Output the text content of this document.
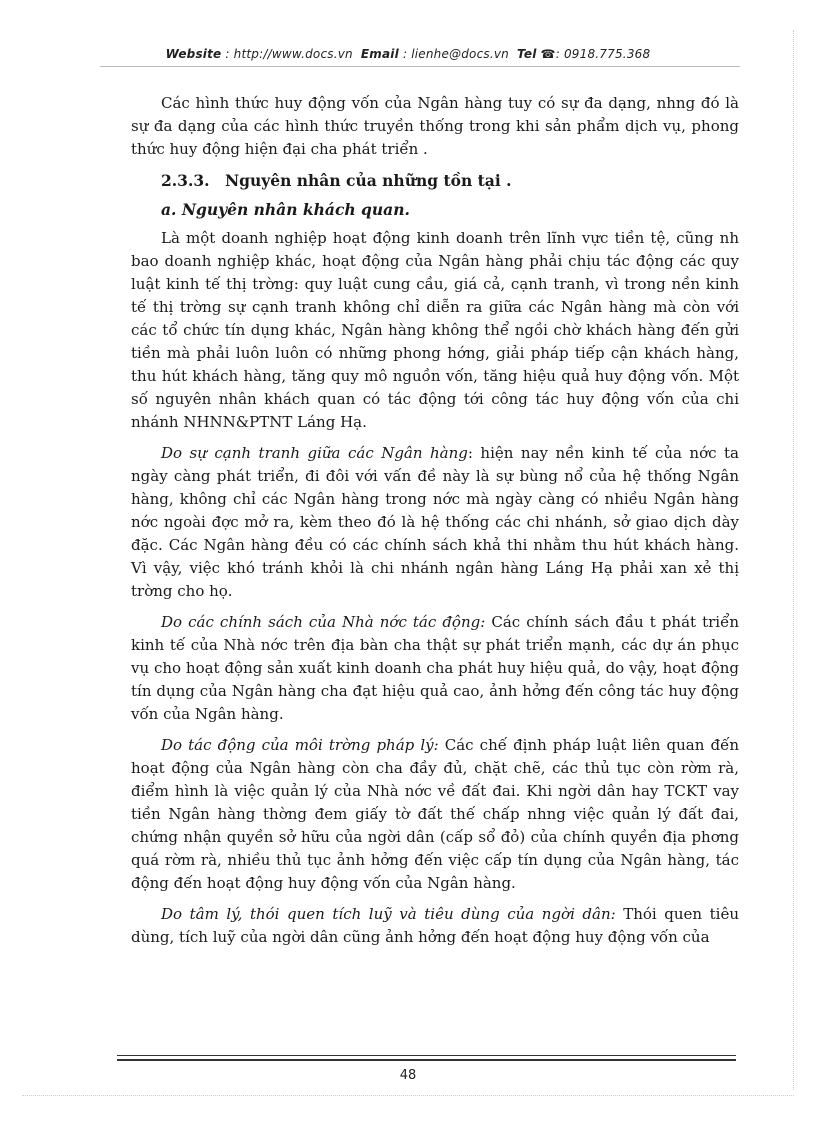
Website : http://www.docs.vn Email : lienhe@docs.vn Tel ☎: 0918.775.368

Các hình thức huy động vốn của Ngân hàng tuy có sự đa dạng, nhng đó là sự đa dạng của các hình thức truyền thống trong khi sản phẩm dịch vụ, phong thức huy động hiện đại cha phát triển .

2.3.3. Nguyên nhân của những tồn tại .
a. Nguyên nhân khách quan.

Là một doanh nghiệp hoạt động kinh doanh trên lĩnh vực tiền tệ, cũng nh bao doanh nghiệp khác, hoạt động của Ngân hàng phải chịu tác động các quy luật kinh tế thị trờng: quy luật cung cầu, giá cả, cạnh tranh, vì trong nền kinh tế thị trờng sự cạnh tranh không chỉ diễn ra giữa các Ngân hàng mà còn với các tổ chức tín dụng khác, Ngân hàng không thể ngồi chờ khách hàng đến gửi tiền mà phải luôn luôn có những phong hớng, giải pháp tiếp cận khách hàng, thu hút khách hàng, tăng quy mô nguồn vốn, tăng hiệu quả huy động vốn. Một số nguyên nhân khách quan có tác động tới công tác huy động vốn của chi nhánh NHNN&PTNT Láng Hạ.

Do sự cạnh tranh giữa các Ngân hàng: hiện nay nền kinh tế của nớc ta ngày càng phát triển, đi đôi với vấn đề này là sự bùng nổ của hệ thống Ngân hàng, không chỉ các Ngân hàng trong nớc mà ngày càng có nhiều Ngân hàng nớc ngoài đợc mở ra, kèm theo đó là hệ thống các chi nhánh, sở giao dịch dày đặc. Các Ngân hàng đều có các chính sách khả thi nhằm thu hút khách hàng. Vì vậy, việc khó tránh khỏi là chi nhánh ngân hàng Láng Hạ phải xan xẻ thị trờng cho họ.

Do các chính sách của Nhà nớc tác động: Các chính sách đầu t phát triển kinh tế của Nhà nớc trên địa bàn cha thật sự phát triển mạnh, các dự án phục vụ cho hoạt động sản xuất kinh doanh cha phát huy hiệu quả, do vậy, hoạt động tín dụng của Ngân hàng cha đạt hiệu quả cao, ảnh hởng đến công tác huy động vốn của Ngân hàng.

Do tác động của môi trờng pháp lý: Các chế định pháp luật liên quan đến hoạt động của Ngân hàng còn cha đầy đủ, chặt chẽ, các thủ tục còn rờm rà, điểm hình là việc quản lý của Nhà nớc về đất đai. Khi ngời dân hay TCKT vay tiền Ngân hàng thờng đem giấy tờ đất thế chấp nhng việc quản lý đất đai, chứng nhận quyền sở hữu của ngời dân (cấp sổ đỏ) của chính quyền địa phơng quá rờm rà, nhiều thủ tục ảnh hởng đến việc cấp tín dụng của Ngân hàng, tác động đến hoạt động huy động vốn của Ngân hàng.

Do tâm lý, thói quen tích luỹ và tiêu dùng của ngời dân: Thói quen tiêu dùng, tích luỹ của ngời dân cũng ảnh hởng đến hoạt động huy động vốn của

48
